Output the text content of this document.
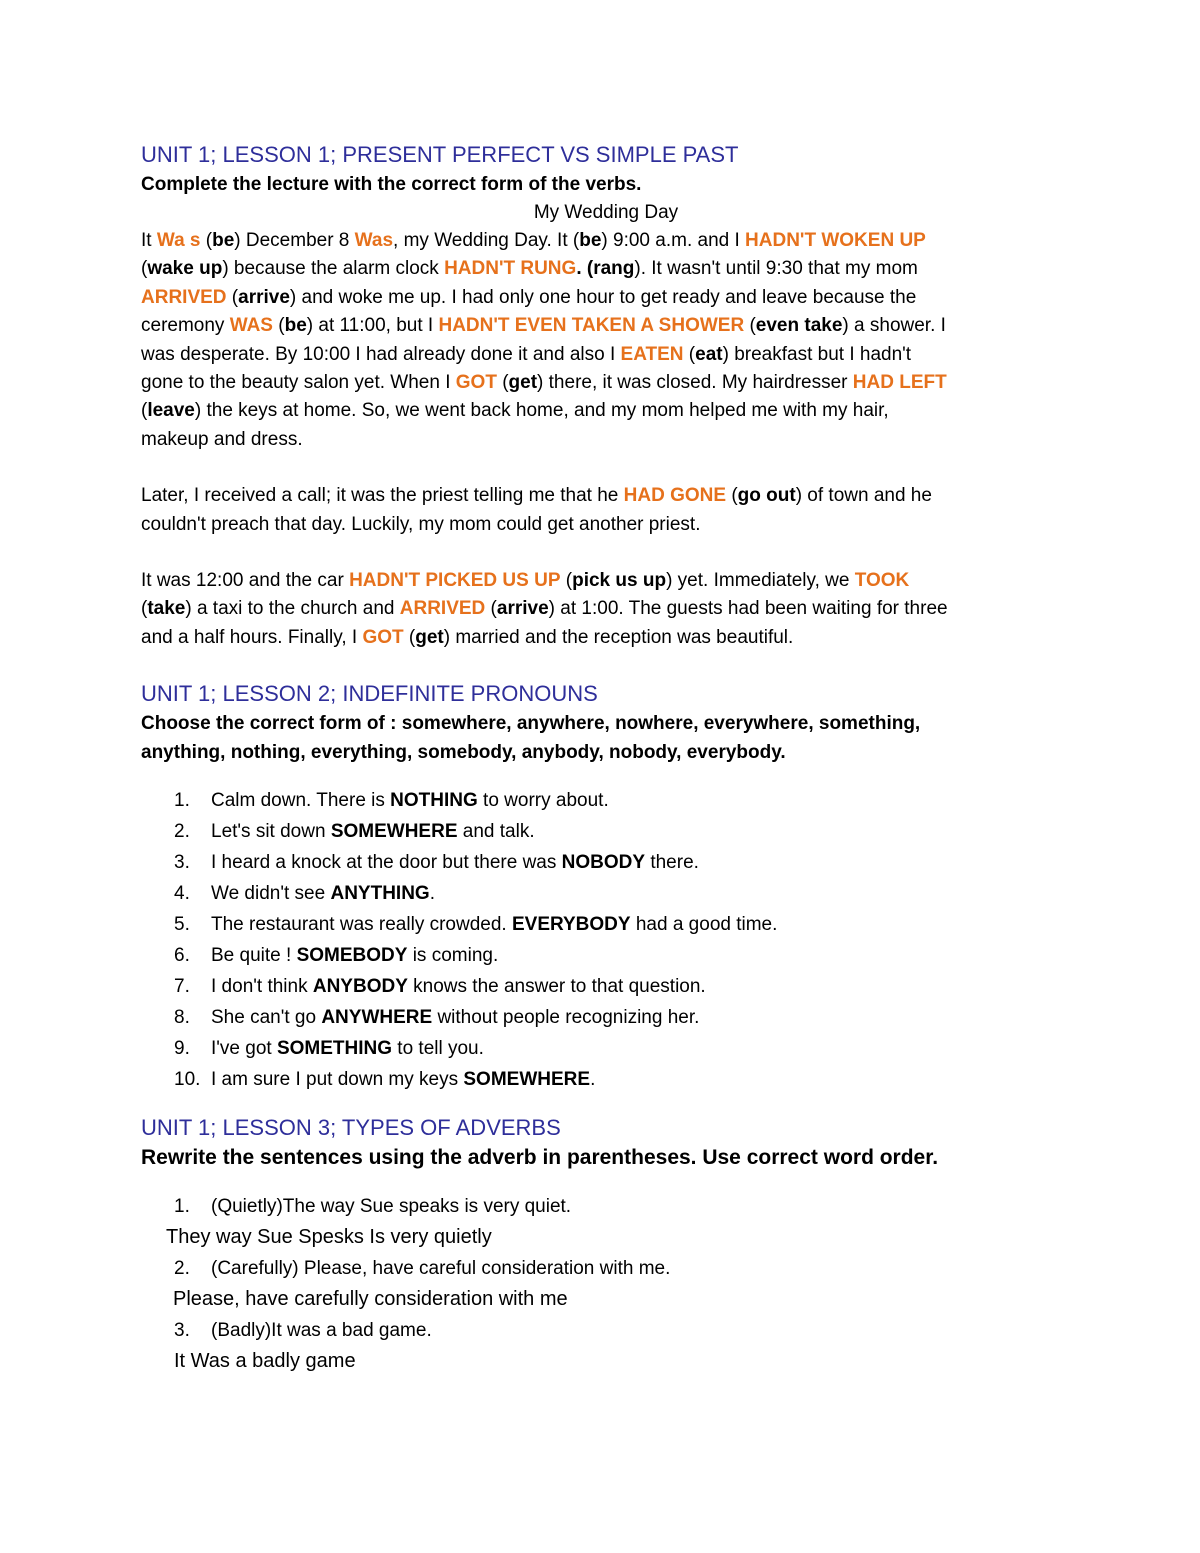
UNIT 1; LESSON 1; PRESENT PERFECT VS SIMPLE PAST

Complete the lecture with the correct form of the verbs.

My Wedding Day

It Wa s (be) December 8 Was, my Wedding Day. It (be) 9:00 a.m. and I HADN'T WOKEN UP
(wake up) because the alarm clock HADN'T RUNG. (rang). It wasn't until 9:30 that my mom
ARRIVED (arrive) and woke me up. I had only one hour to get ready and leave because the
ceremony WAS (be) at 11:00, but I HADN'T EVEN TAKEN A SHOWER (even take) a shower. I
was desperate. By 10:00 I had already done it and also I EATEN (eat) breakfast but I hadn't
gone to the beauty salon yet. When I GOT (get) there, it was closed. My hairdresser HAD LEFT
(leave) the keys at home. So, we went back home, and my mom helped me with my hair,
makeup and dress.
Later, I received a call; it was the priest telling me that he HAD GONE (go out) of town and he
couldn't preach that day. Luckily, my mom could get another priest.
It was 12:00 and the car HADN'T PICKED US UP (pick us up) yet. Immediately, we TOOK
(take) a taxi to the church and ARRIVED (arrive) at 1:00. The guests had been waiting for three
and a half hours. Finally, I GOT (get) married and the reception was beautiful.
UNIT 1; LESSON 2; INDEFINITE PRONOUNS

Choose the correct form of : somewhere, anywhere, nowhere, everywhere, something,

anything, nothing, everything, somebody, anybody, nobody, everybody.

1.	Calm down. There is NOTHING to worry about.
2.	Let's sit down SOMEWHERE and talk.
3.	I heard a knock at the door but there was NOBODY there.
4.	We didn't see ANYTHING.
5.	The restaurant was really crowded. EVERYBODY had a good time.
6.	Be quite ! SOMEBODY is coming.
7.	I don't think ANYBODY knows the answer to that question.
8.	She can't go ANYWHERE without people recognizing her.
9.	I've got SOMETHING to tell you.
10. I am sure I put down my keys SOMEWHERE.
UNIT 1; LESSON 3; TYPES OF ADVERBS

Rewrite the sentences using the adverb in parentheses. Use correct word order.

1.	(Quietly)The way Sue speaks is very quiet.
They way Sue Spesks Is very quietly
2.	(Carefully) Please, have careful consideration with me.
Please, have carefully consideration with me
3.	(Badly)It was a bad game.
It Was a badly game
